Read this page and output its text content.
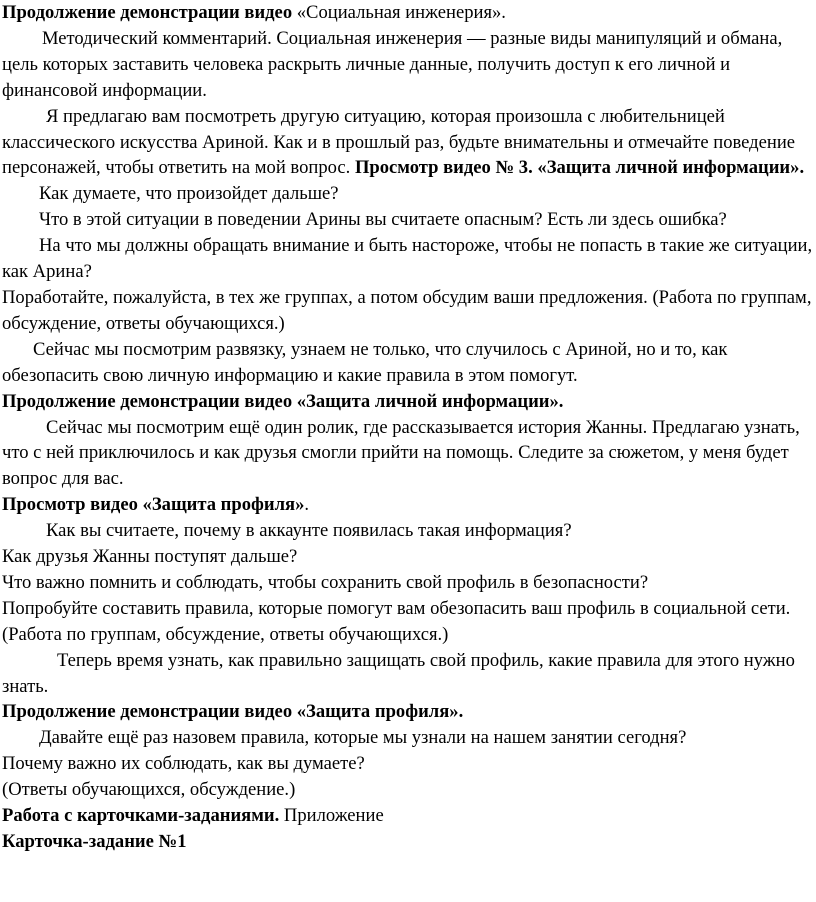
Продолжение демонстрации видео «Социальная инженерия».

Методический комментарий. Социальная инженерия — разные виды манипуляций и обмана, цель которых заставить человека раскрыть личные данные, получить доступ к его личной и финансовой информации.

Я предлагаю вам посмотреть другую ситуацию, которая произошла с любительницей классического искусства Ариной. Как и в прошлый раз, будьте внимательны и отмечайте поведение персонажей, чтобы ответить на мой вопрос. Просмотр видео № 3. «Защита личной информации».

Как думаете, что произойдет дальше?

Что в этой ситуации в поведении Арины вы считаете опасным? Есть ли здесь ошибка?

На что мы должны обращать внимание и быть настороже, чтобы не попасть в такие же ситуации, как Арина?

Поработайте, пожалуйста, в тех же группах, а потом обсудим ваши предложения. (Работа по группам, обсуждение, ответы обучающихся.)

Сейчас мы посмотрим развязку, узнаем не только, что случилось с Ариной, но и то, как обезопасить свою личную информацию и какие правила в этом помогут.

Продолжение демонстрации видео «Защита личной информации».

Сейчас мы посмотрим ещё один ролик, где рассказывается история Жанны. Предлагаю узнать, что с ней приключилось и как друзья смогли прийти на помощь. Следите за сюжетом, у меня будет вопрос для вас.

Просмотр видео «Защита профиля».

Как вы считаете, почему в аккаунте появилась такая информация?

Как друзья Жанны поступят дальше?

Что важно помнить и соблюдать, чтобы сохранить свой профиль в безопасности?

Попробуйте составить правила, которые помогут вам обезопасить ваш профиль в социальной сети.

(Работа по группам, обсуждение, ответы обучающихся.)

Теперь время узнать, как правильно защищать свой профиль, какие правила для этого нужно знать.

Продолжение демонстрации видео «Защита профиля».

Давайте ещё раз назовем правила, которые мы узнали на нашем занятии сегодня?

Почему важно их соблюдать, как вы думаете?

(Ответы обучающихся, обсуждение.)

Работа с карточками-заданиями. Приложение

Карточка-задание №1
